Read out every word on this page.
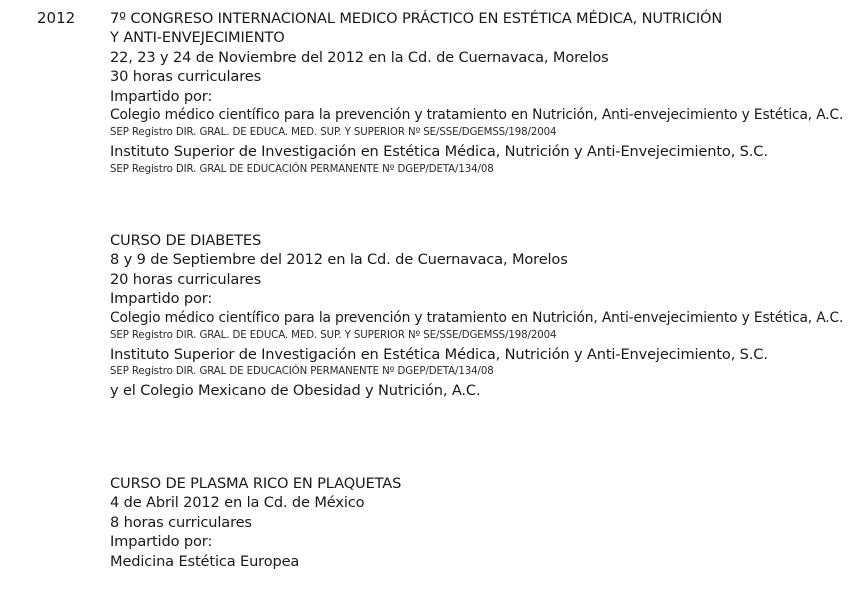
2012 7º CONGRESO INTERNACIONAL MEDICO PRÁCTICO EN ESTÉTICA MÉDICA, NUTRICIÓN
Y ANTI-ENVEJECIMIENTO
22, 23 y 24 de Noviembre del 2012 en la Cd. de Cuernavaca, Morelos
30 horas curriculares
Impartido por:
Colegio médico científico para la prevención y tratamiento en Nutrición, Anti-envejecimiento y Estética, A.C.
SEP Registro DIR. GRAL. DE EDUCA. MED. SUP. Y SUPERIOR Nº SE/SSE/DGEMSS/198/2004
Instituto Superior de Investigación en Estética Médica, Nutrición y Anti-Envejecimiento, S.C.
SEP Registro DIR. GRAL DE EDUCACIÓN PERMANENTE Nº DGEP/DETA/134/08
CURSO DE DIABETES
8 y 9 de Septiembre del 2012 en la Cd. de Cuernavaca, Morelos
20 horas curriculares
Impartido por:
Colegio médico científico para la prevención y tratamiento en Nutrición, Anti-envejecimiento y Estética, A.C.
SEP Registro DIR. GRAL. DE EDUCA. MED. SUP. Y SUPERIOR Nº SE/SSE/DGEMSS/198/2004
Instituto Superior de Investigación en Estética Médica, Nutrición y Anti-Envejecimiento, S.C.
SEP Registro DIR. GRAL DE EDUCACIÓN PERMANENTE Nº DGEP/DETA/134/08
y el Colegio Mexicano de Obesidad y Nutrición, A.C.
CURSO DE PLASMA RICO EN PLAQUETAS
4 de Abril 2012 en la Cd. de México
8 horas curriculares
Impartido por:
Medicina Estética Europea
